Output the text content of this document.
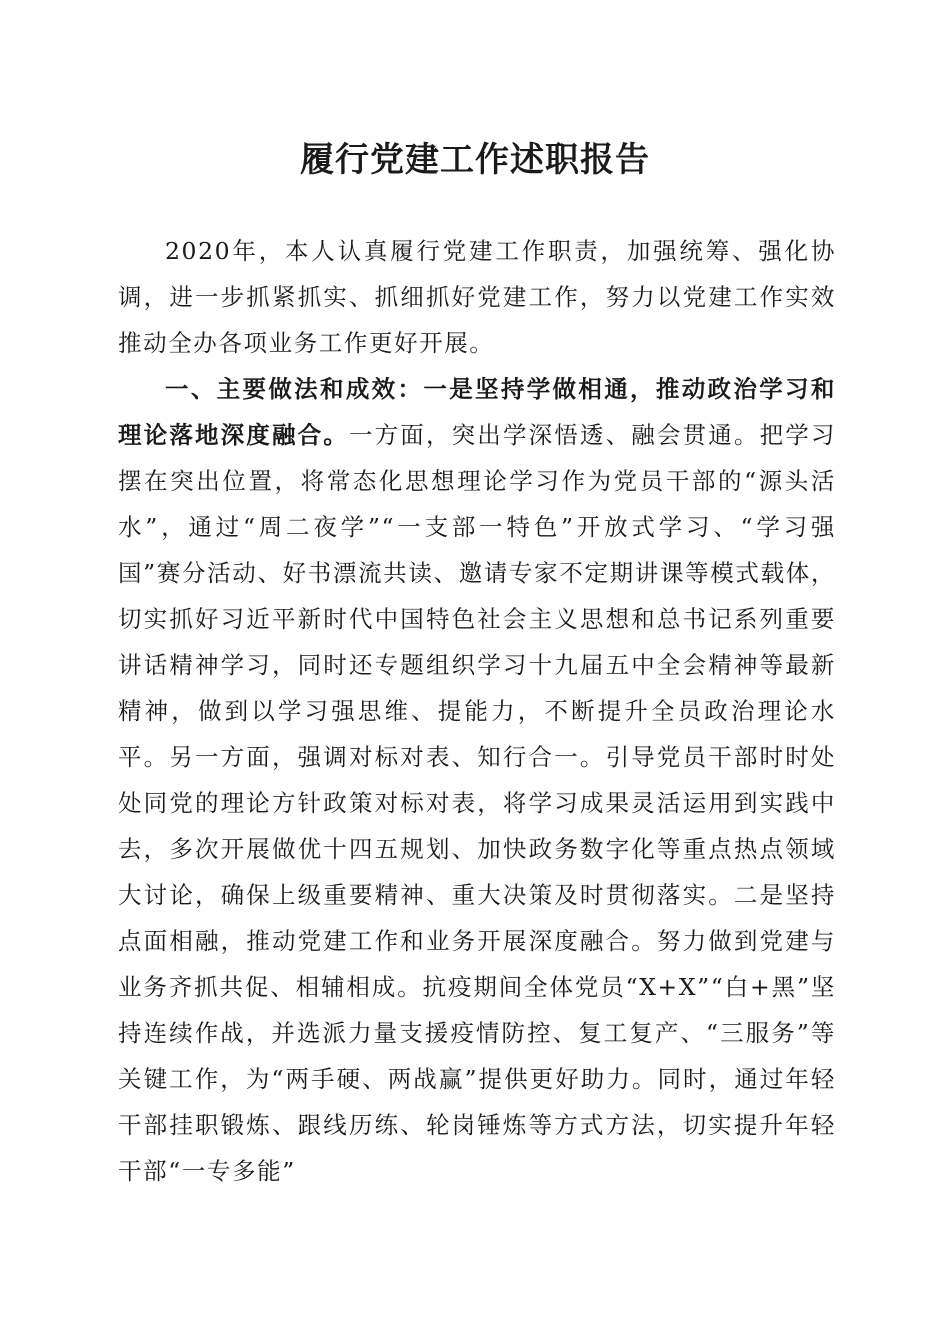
履行党建工作述职报告

2020年，本人认真履行党建工作职责，加强统筹、强化协调，进一步抓紧抓实、抓细抓好党建工作，努力以党建工作实效推动全办各项业务工作更好开展。

一、主要做法和成效：一是坚持学做相通，推动政治学习和理论落地深度融合。一方面，突出学深悟透、融会贯通。把学习摆在突出位置，将常态化思想理论学习作为党员干部的“源头活水”，通过“周二夜学”“一支部一特色”开放式学习、“学习强国”赛分活动、好书漂流共读、邀请专家不定期讲课等模式载体，切实抓好习近平新时代中国特色社会主义思想和总书记系列重要讲话精神学习，同时还专题组织学习十九届五中全会精神等最新精神，做到以学习强思维、提能力，不断提升全员政治理论水平。另一方面，强调对标对表、知行合一。引导党员干部时时处处同党的理论方针政策对标对表，将学习成果灵活运用到实践中去，多次开展做优十四五规划、加快政务数字化等重点热点领域大讨论，确保上级重要精神、重大决策及时贯彻落实。二是坚持点面相融，推动党建工作和业务开展深度融合。努力做到党建与业务齐抓共促、相辅相成。抗疫期间全体党员“X+X”“白+黑”坚持连续作战，并选派力量支援疫情防控、复工复产、“三服务”等关键工作，为“两手硬、两战赢”提供更好助力。同时，通过年轻干部挂职锻炼、跟线历练、轮岗锤炼等方式方法，切实提升年轻干部“一专多能”
